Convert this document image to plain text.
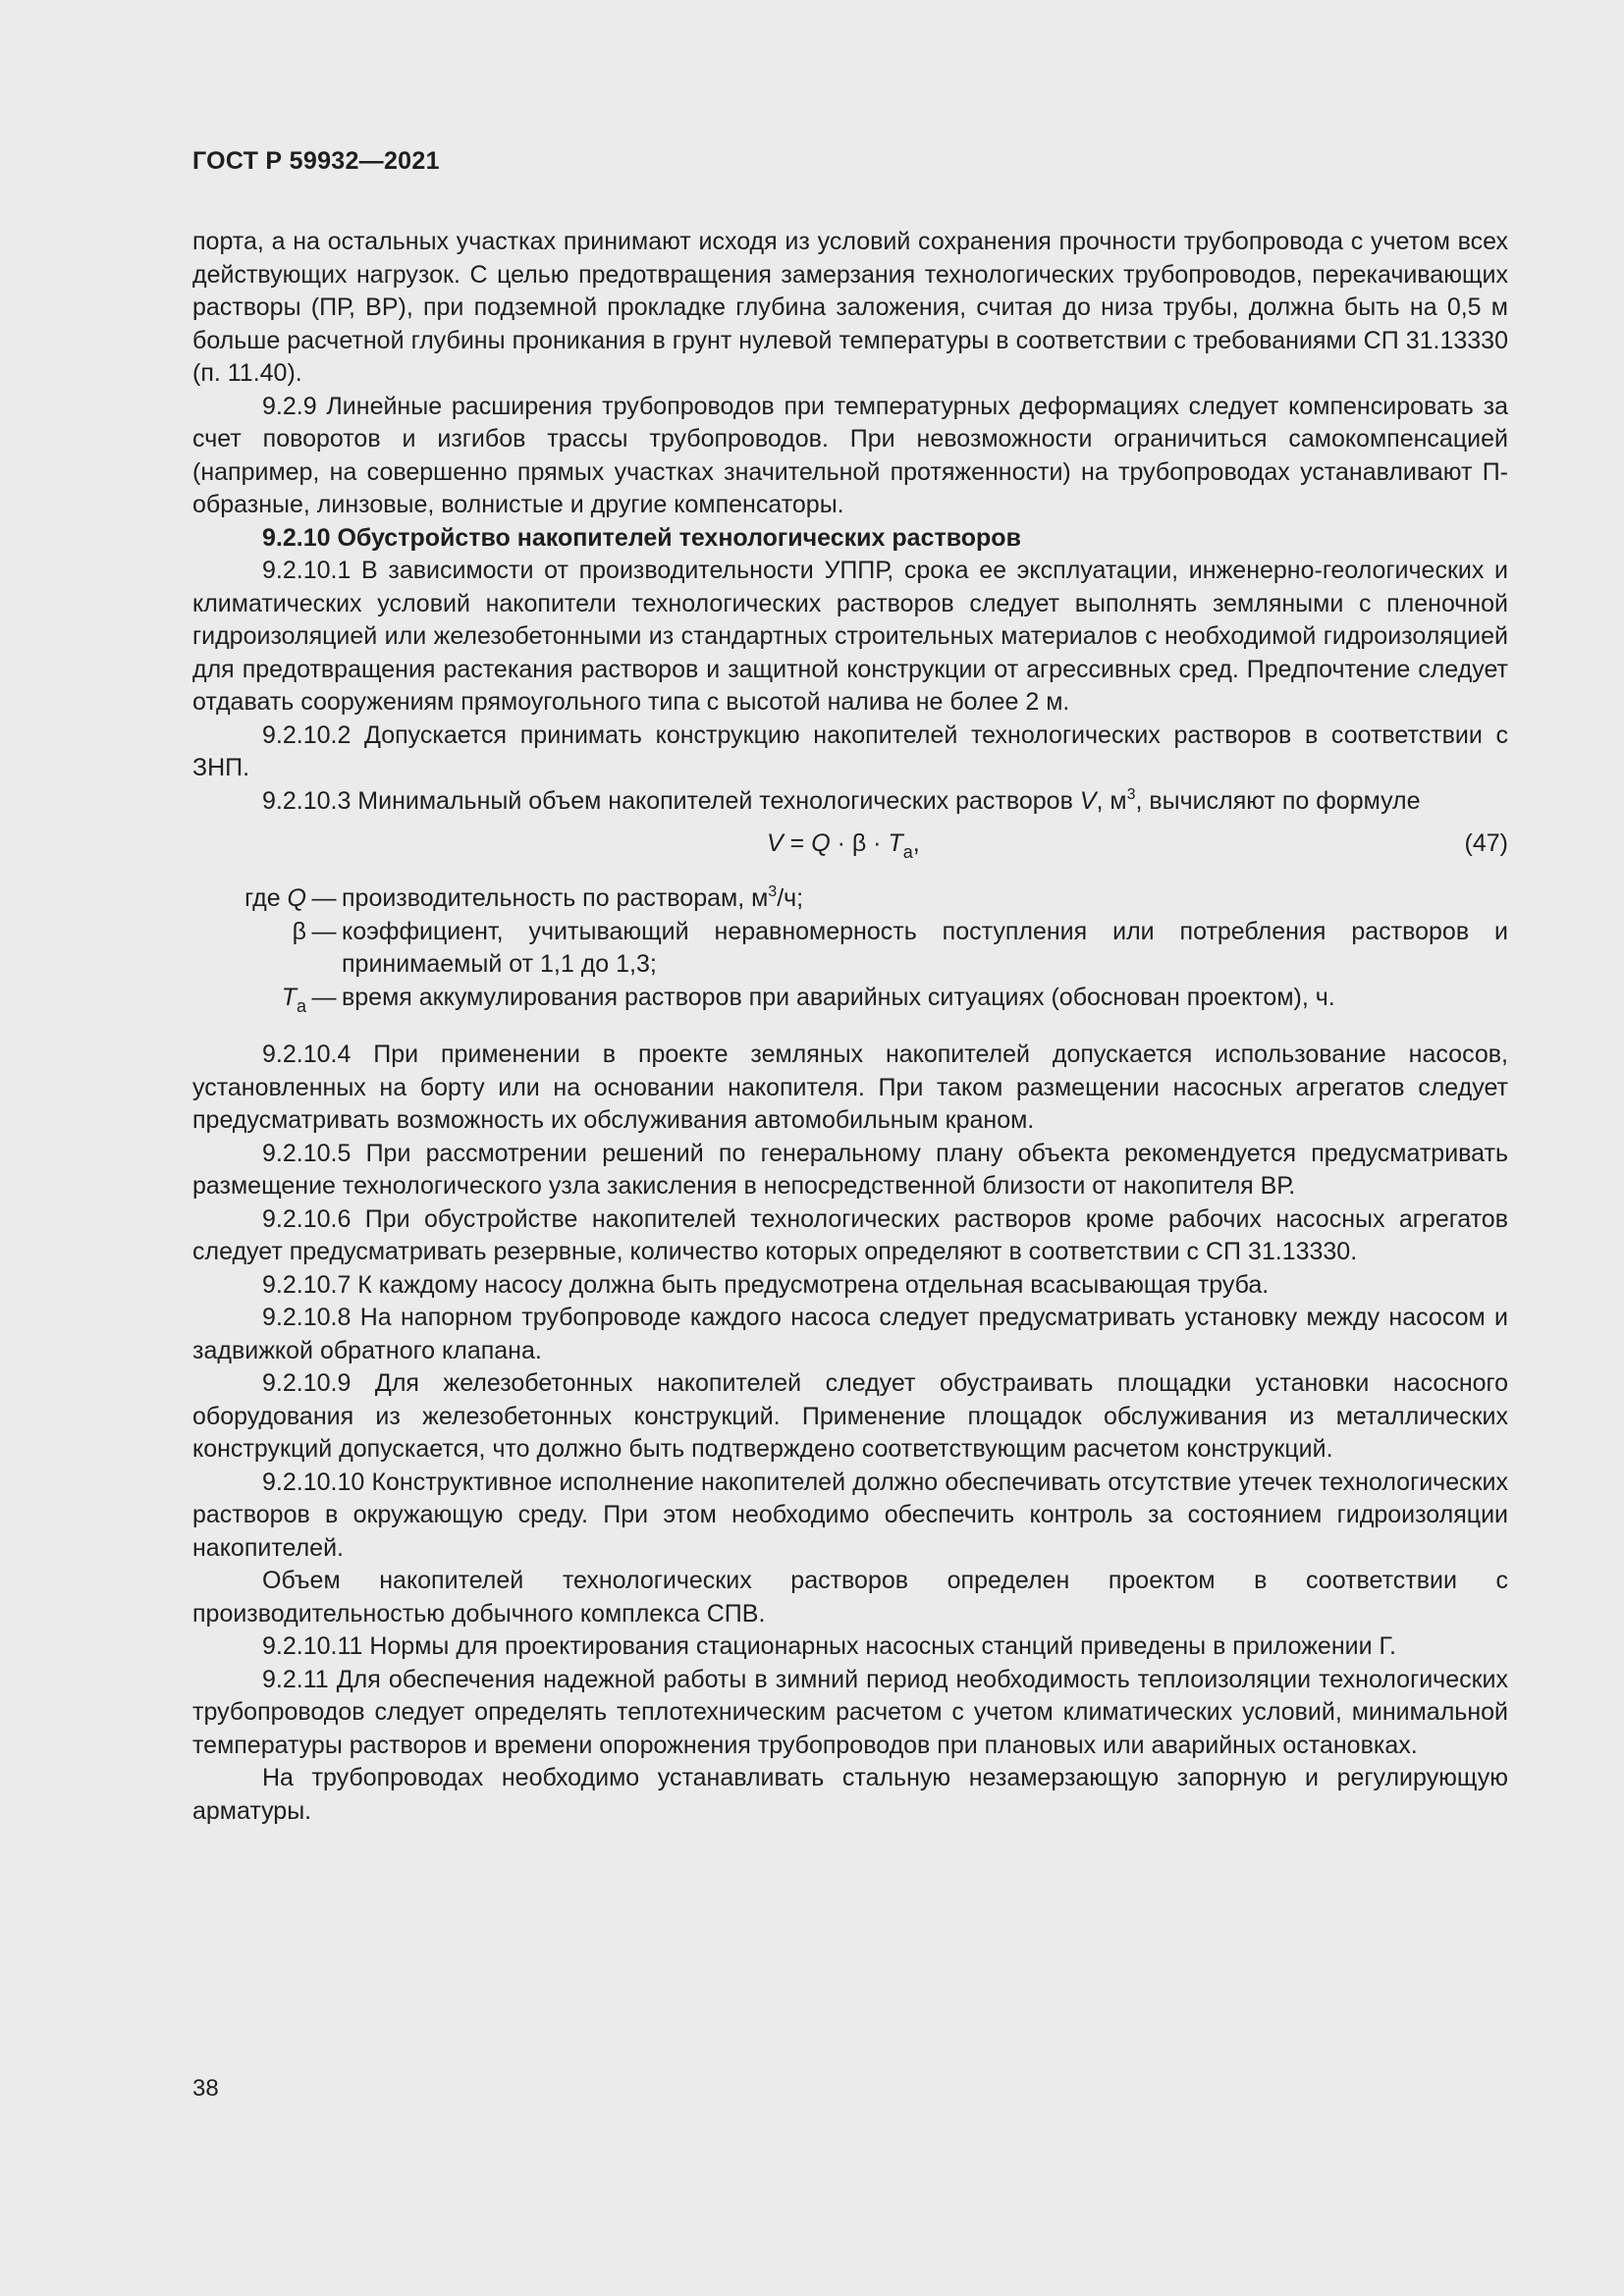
ГОСТ Р 59932—2021

порта, а на остальных участках принимают исходя из условий сохранения прочности трубопровода с учетом всех действующих нагрузок. С целью предотвращения замерзания технологических трубопроводов, перекачивающих растворы (ПР, ВР), при подземной прокладке глубина заложения, считая до низа трубы, должна быть на 0,5 м больше расчетной глубины проникания в грунт нулевой температуры в соответствии с требованиями СП 31.13330 (п. 11.40).

9.2.9 Линейные расширения трубопроводов при температурных деформациях следует компенсировать за счет поворотов и изгибов трассы трубопроводов. При невозможности ограничиться самокомпенсацией (например, на совершенно прямых участках значительной протяженности) на трубопроводах устанавливают П-образные, линзовые, волнистые и другие компенсаторы.

9.2.10 Обустройство накопителей технологических растворов

9.2.10.1 В зависимости от производительности УППР, срока ее эксплуатации, инженерно-геологических и климатических условий накопители технологических растворов следует выполнять земляными с пленочной гидроизоляцией или железобетонными из стандартных строительных материалов с необходимой гидроизоляцией для предотвращения растекания растворов и защитной конструкции от агрессивных сред. Предпочтение следует отдавать сооружениям прямоугольного типа с высотой налива не более 2 м.

9.2.10.2 Допускается принимать конструкцию накопителей технологических растворов в соответствии с ЗНП.

9.2.10.3 Минимальный объем накопителей технологических растворов V, $м^3$, вычисляют по формуле

$V = Q \cdot \beta \cdot T_а$,	(47)
где Q — производительность по растворам, $м^3/ч$;
β — коэффициент, учитывающий неравномерность поступления или потребления растворов и принимаемый от 1,1 до 1,3;
$T_а$ — время аккумулирования растворов при аварийных ситуациях (обоснован проектом), ч.

9.2.10.4 При применении в проекте земляных накопителей допускается использование насосов, установленных на борту или на основании накопителя. При таком размещении насосных агрегатов следует предусматривать возможность их обслуживания автомобильным краном.

9.2.10.5 При рассмотрении решений по генеральному плану объекта рекомендуется предусматривать размещение технологического узла закисления в непосредственной близости от накопителя ВР.

9.2.10.6 При обустройстве накопителей технологических растворов кроме рабочих насосных агрегатов следует предусматривать резервные, количество которых определяют в соответствии с СП 31.13330.

9.2.10.7 К каждому насосу должна быть предусмотрена отдельная всасывающая труба.

9.2.10.8 На напорном трубопроводе каждого насоса следует предусматривать установку между насосом и задвижкой обратного клапана.

9.2.10.9 Для железобетонных накопителей следует обустраивать площадки установки насосного оборудования из железобетонных конструкций. Применение площадок обслуживания из металлических конструкций допускается, что должно быть подтверждено соответствующим расчетом конструкций.

9.2.10.10 Конструктивное исполнение накопителей должно обеспечивать отсутствие утечек технологических растворов в окружающую среду. При этом необходимо обеспечить контроль за состоянием гидроизоляции накопителей.

Объем накопителей технологических растворов определен проектом в соответствии с производительностью добычного комплекса СПВ.

9.2.10.11 Нормы для проектирования стационарных насосных станций приведены в приложении Г.

9.2.11 Для обеспечения надежной работы в зимний период необходимость теплоизоляции технологических трубопроводов следует определять теплотехническим расчетом с учетом климатических условий, минимальной температуры растворов и времени опорожнения трубопроводов при плановых или аварийных остановках.

На трубопроводах необходимо устанавливать стальную незамерзающую запорную и регулирующую арматуры.

38
